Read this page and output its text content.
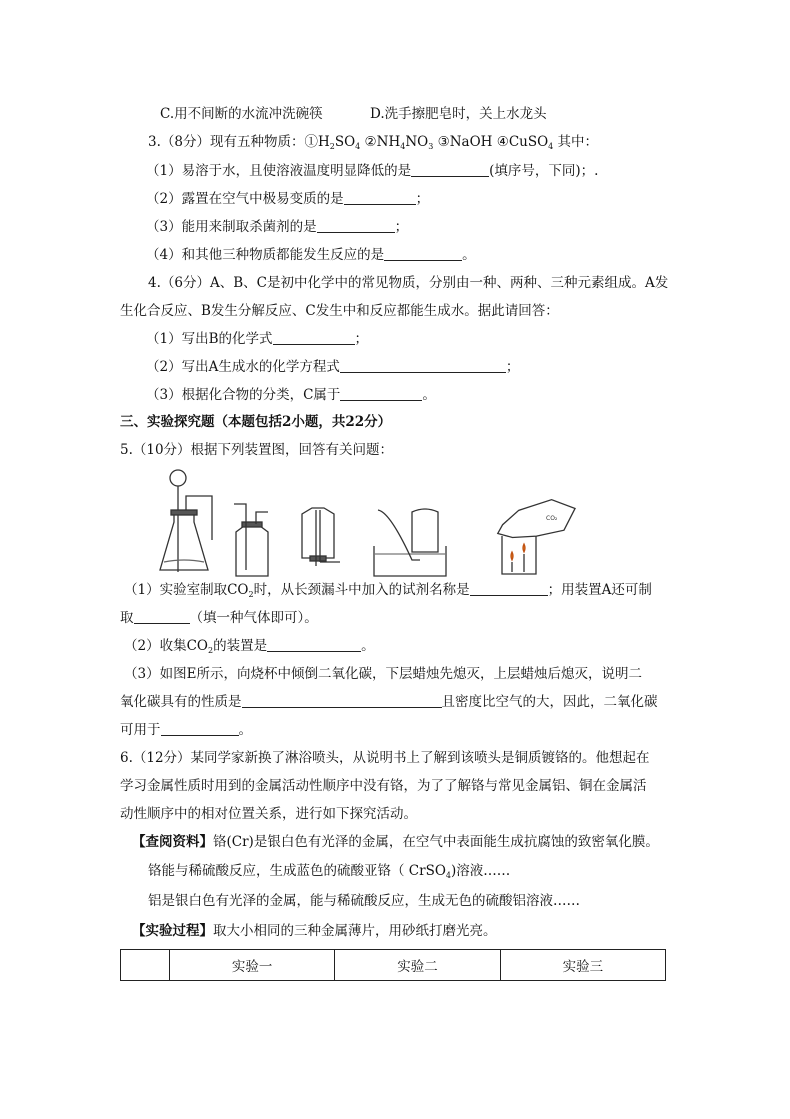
C.用不间断的水流冲洗碗筷	D.洗手擦肥皂时，关上水龙头
3.（8分）现有五种物质：$①H_2SO_4$ $②NH_4NO_3$ ③NaOH ④CuSO$_4$ 其中：
（1）易溶于水，且使溶液温度明显降低的是	(填序号，下同)；.
（2）露置在空气中极易变质的是	；
（3）能用来制取杀菌剂的是	；
（4）和其他三种物质都能发生反应的是	。
4.（6分）A、B、C是初中化学中的常见物质，分别由一种、两种、三种元素组成。A发
生化合反应、B发生分解反应、C发生中和反应都能生成水。据此请回答：
（1）写出B的化学式	；
（2）写出A生成水的化学方程式	；
（3）根据化合物的分类，C属于	。
三、实验探究题（本题包括2小题，共22分）
5.（10分）根据下列装置图，回答有关问题：
CO₂
（1）实验室制取$CO_2$时，从长颈漏斗中加入的试剂名称是	；用装置A还可制
取	（填一种气体即可）。
（2）收集$CO_2$的装置是	。
（3）如图E所示，向烧杯中倾倒二氧化碳，下层蜡烛先熄灭，上层蜡烛后熄灭，说明二
氧化碳具有的性质是	且密度比空气的大，因此，二氧化碳
可用于	。
6.（12分）某同学家新换了淋浴喷头，从说明书上了解到该喷头是铜质镀铬的。他想起在
学习金属性质时用到的金属活动性顺序中没有铬，为了了解铬与常见金属铝、铜在金属活
动性顺序中的相对位置关系，进行如下探究活动。
【查阅资料】铬(Cr)是银白色有光泽的金属，在空气中表面能生成抗腐蚀的致密氧化膜。
铬能与稀硫酸反应，生成蓝色的硫酸亚铬（ CrSO$_4$)溶液……
铝是银白色有光泽的金属，能与稀硫酸反应，生成无色的硫酸铝溶液……
【实验过程】取大小相同的三种金属薄片，用砂纸打磨光亮。
	实验一	实验二	实验三
